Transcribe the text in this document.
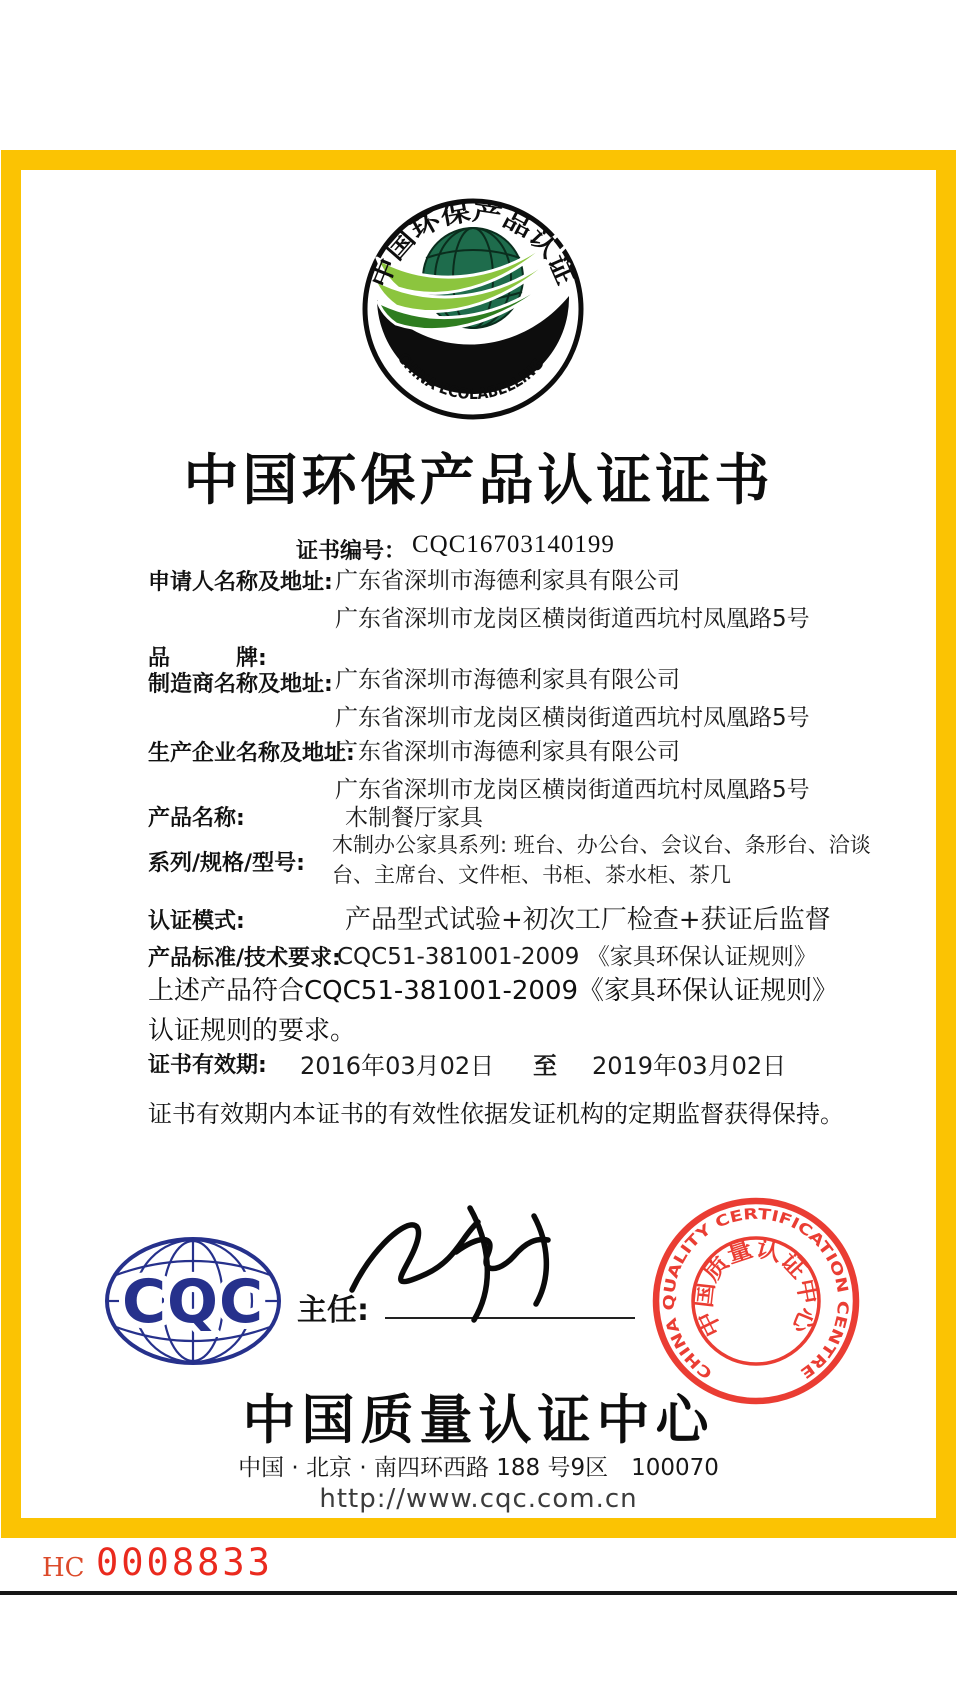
中国环保产品认证
CHINA ECOLABELLING
中国环保产品认证证书
证书编号： CQC16703140199
申请人名称及地址: 广东省深圳市海德利家具有限公司
广东省深圳市龙岗区横岗街道西坑村凤凰路5号
品　　　牌:
制造商名称及地址: 广东省深圳市海德利家具有限公司
广东省深圳市龙岗区横岗街道西坑村凤凰路5号
生产企业名称及地址:
广东省深圳市海德利家具有限公司
广东省深圳市龙岗区横岗街道西坑村凤凰路5号
产品名称:	木制餐厅家具
系列/规格/型号:
木制办公家具系列: 班台、办公台、会议台、条形台、洽谈
台、主席台、文件柜、书柜、茶水柜、茶几
认证模式:	产品型式试验+初次工厂检查+获证后监督
产品标准/技术要求:
CQC51-381001-2009 《家具环保认证规则》
上述产品符合CQC51-381001-2009《家具环保认证规则》认证规则的要求。
证书有效期: 2016年03月02日 至 2019年03月02日
证书有效期内本证书的有效性依据发证机构的定期监督获得保持。
CQC 主任:
CHINA QUALITY CERTIFICATION CENTRE
中国质量认证中心
中国质量认证中心
中国 · 北京 · 南四环西路 188 号9区　100070
http://www.cqc.com.cn
HC 0008833
